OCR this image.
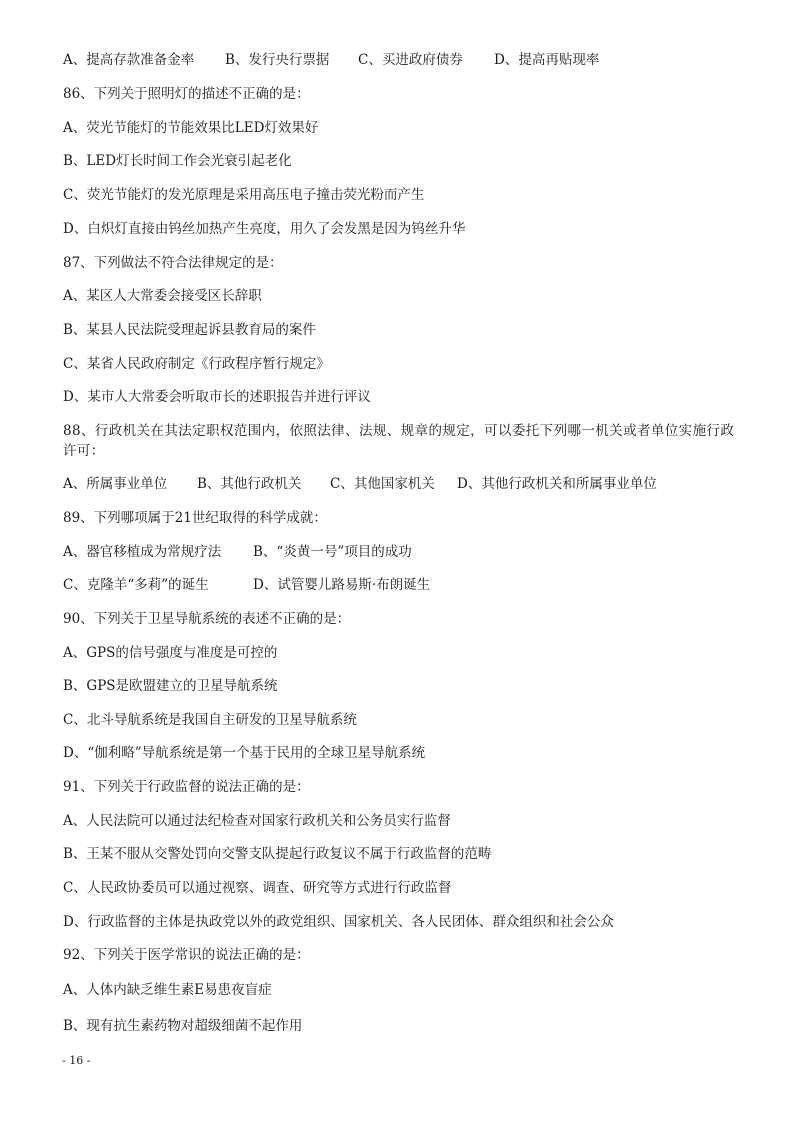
A、提高存款准备金率 B、发行央行票据 C、买进政府债券 D、提高再贴现率
86、下列关于照明灯的描述不正确的是：
A、荧光节能灯的节能效果比LED灯效果好
B、LED灯长时间工作会光衰引起老化
C、荧光节能灯的发光原理是采用高压电子撞击荧光粉而产生
D、白炽灯直接由钨丝加热产生亮度，用久了会发黑是因为钨丝升华
87、下列做法不符合法律规定的是：
A、某区人大常委会接受区长辞职
B、某县人民法院受理起诉县教育局的案件
C、某省人民政府制定《行政程序暂行规定》
D、某市人大常委会听取市长的述职报告并进行评议
88、行政机关在其法定职权范围内，依照法律、法规、规章的规定，可以委托下列哪一机关或者单位实施行政许可：
A、所属事业单位 B、其他行政机关 C、其他国家机关 D、其他行政机关和所属事业单位
89、下列哪项属于21世纪取得的科学成就：
A、器官移植成为常规疗法 B、“炎黄一号”项目的成功
C、克隆羊“多莉”的诞生	D、试管婴儿路易斯·布朗诞生
90、下列关于卫星导航系统的表述不正确的是：
A、GPS的信号强度与准度是可控的
B、GPS是欧盟建立的卫星导航系统
C、北斗导航系统是我国自主研发的卫星导航系统
D、“伽利略”导航系统是第一个基于民用的全球卫星导航系统
91、下列关于行政监督的说法正确的是：
A、人民法院可以通过法纪检查对国家行政机关和公务员实行监督
B、王某不服从交警处罚向交警支队提起行政复议不属于行政监督的范畴
C、人民政协委员可以通过视察、调查、研究等方式进行行政监督
D、行政监督的主体是执政党以外的政党组织、国家机关、各人民团体、群众组织和社会公众
92、下列关于医学常识的说法正确的是：
A、人体内缺乏维生素E易患夜盲症
B、现有抗生素药物对超级细菌不起作用
- 16 -
